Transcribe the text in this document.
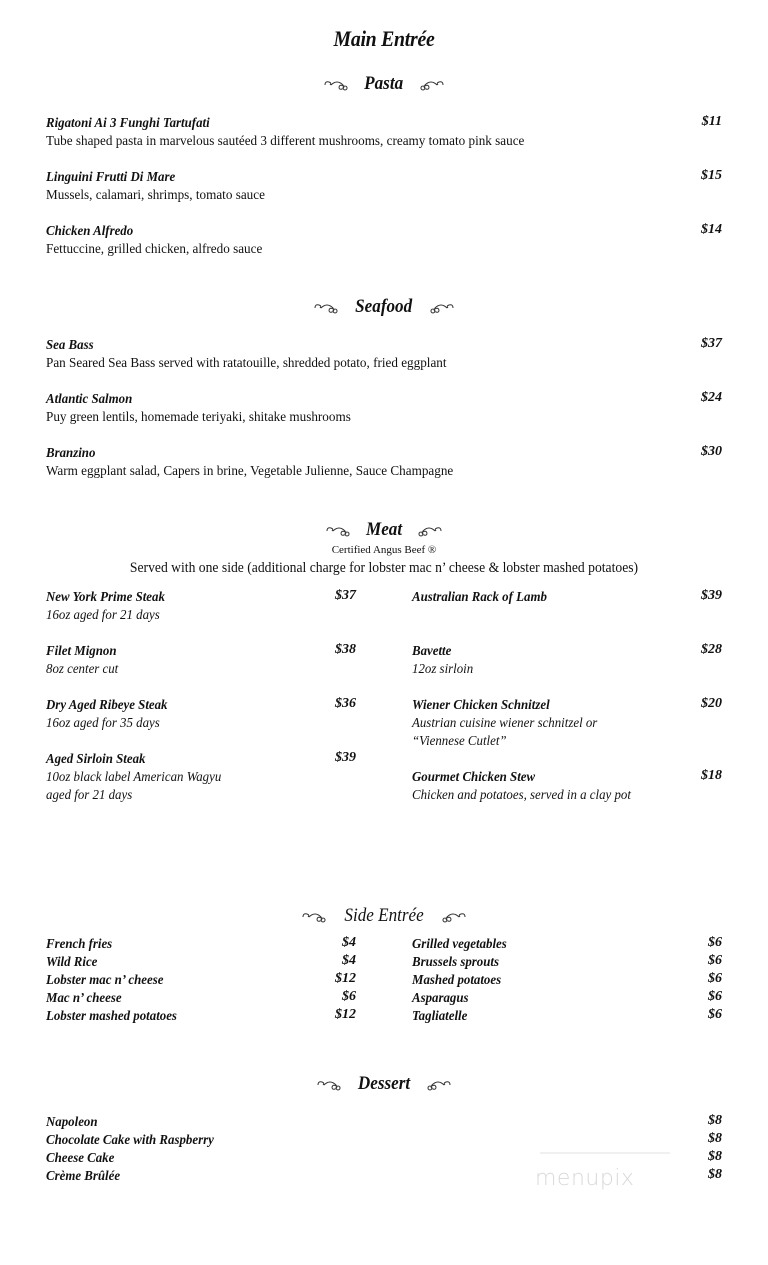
Main Entrée
Pasta
Rigatoni Ai 3 Funghi Tartufati	$11
Tube shaped pasta in marvelous sautéed 3 different mushrooms, creamy tomato pink sauce
Linguini Frutti Di Mare	$15
Mussels, calamari, shrimps, tomato sauce
Chicken Alfredo	$14
Fettuccine, grilled chicken, alfredo sauce
Seafood
Sea Bass	$37
Pan Seared Sea Bass served with ratatouille, shredded potato, fried eggplant
Atlantic Salmon	$24
Puy green lentils, homemade teriyaki, shitake mushrooms
Branzino	$30
Warm eggplant salad, Capers in brine, Vegetable Julienne, Sauce Champagne
Meat
Certified Angus Beef ®
Served with one side (additional charge for lobster mac n’ cheese & lobster mashed potatoes)
New York Prime Steak	$37
16oz aged for 21 days
Filet Mignon	$38
8oz center cut
Dry Aged Ribeye Steak	$36
16oz aged for 35 days
Aged Sirloin Steak	$39
10oz black label American Wagyu
aged for 21 days
Australian Rack of Lamb	$39
Bavette	$28
12oz sirloin
Wiener Chicken Schnitzel	$20
Austrian cuisine wiener schnitzel or
“Viennese Cutlet”
Gourmet Chicken Stew	$18
Chicken and potatoes, served in a clay pot
Side Entrée
French fries	$4
Wild Rice	$4
Lobster mac n’ cheese	$12
Mac n’ cheese	$6
Lobster mashed potatoes	$12
Grilled vegetables	$6
Brussels sprouts	$6
Mashed potatoes	$6
Asparagus	$6
Tagliatelle	$6
Dessert
Napoleon	$8
Chocolate Cake with Raspberry	$8
Cheese Cake	$8
Crème Brûlée	$8
menupix
